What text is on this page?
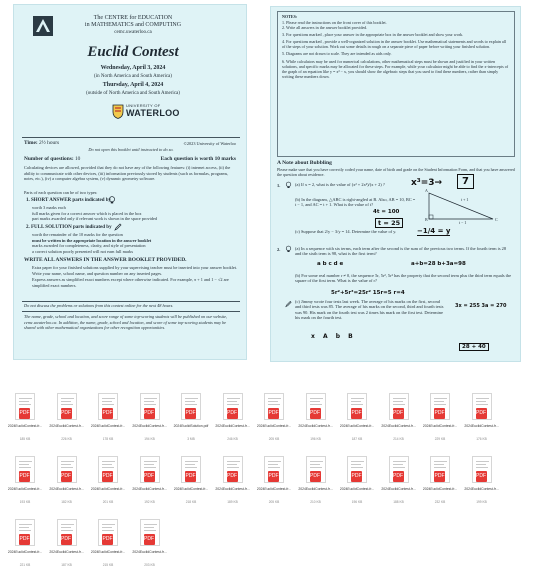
The CENTRE for EDUCATION
in MATHEMATICS and COMPUTING
cemc.uwaterloo.ca
Euclid Contest
Wednesday, April 3, 2024
(in North America and South America)
Thursday, April 4, 2024
(outside of North America and South America)
UNIVERSITY OF
WATERLOO
Time: 2½ hours	©2023 University of Waterloo
Do not open this booklet until instructed to do so.
Number of questions: 10	Each question is worth 10 marks
Calculating devices are allowed, provided that they do not have any of the following features: (i) internet access, (ii) the ability to communicate with other devices, (iii) information previously stored by students (such as formulas, programs, notes, etc.), (iv) a computer algebra system, (v) dynamic geometry software.
Parts of each question can be of two types:
1. SHORT ANSWER parts indicated by
worth 3 marks each
full marks given for a correct answer which is placed in the box
part marks awarded only if relevant work is shown in the space provided
2. FULL SOLUTION parts indicated by
worth the remainder of the 10 marks for the question
must be written in the appropriate location in the answer booklet
marks awarded for completeness, clarity, and style of presentation
a correct solution poorly presented will not earn full marks
WRITE ALL ANSWERS IN THE ANSWER BOOKLET PROVIDED.
Extra paper for your finished solutions supplied by your supervising teacher must be inserted into your answer booklet. Write your name, school name, and question number on any inserted pages.
Express answers as simplified exact numbers except where otherwise indicated. For example, π + 1 and 1 − √2 are simplified exact numbers.
Do not discuss the problems or solutions from this contest online for the next 48 hours.
The name, grade, school and location, and score range of some top-scoring students will be published on our website, cemc.uwaterloo.ca. In addition, the name, grade, school and location, and score of some top-scoring students may be shared with other mathematical organizations for other recognition opportunities.
NOTES:
1. Please read the instructions on the front cover of this booklet.
2. Write all answers in the answer booklet provided.
3. For questions marked , place your answer in the appropriate box in the answer booklet and show your work.
4. For questions marked , provide a well-organized solution in the answer booklet. Use mathematical statements and words to explain all of the steps of your solution. Work out some details in rough on a separate piece of paper before writing your finished solution.
5. Diagrams are not drawn to scale. They are intended as aids only.
6. While calculators may be used for numerical calculations, other mathematical steps must be shown and justified in your written solutions, and specific marks may be allocated for these steps. For example, while your calculator might be able to find the x-intercepts of the graph of an equation like y = x³ − x, you should show the algebraic steps that you used to find these numbers, rather than simply writing these numbers down.
A Note about Bubbling
Please make sure that you have correctly coded your name, date of birth and grade on the Student Information Form, and that you have answered the question about residence.
1.	(a) If x = 2, what is the value of (x² + 2x²)/(x + 2) ?	x³=3→	7
(b) In the diagram, △ABC is right-angled at B. Also, AB = 10, BC = t − 1, and AC = t + 1. What is the value of t?
4t = 100
t = 25
A
B	C
t + 1
t − 1
(c) Suppose that 2/y − 3/y = 14. Determine the value of y.	−1/4 = y
2.	(a) In a sequence with six terms, each term after the second is the sum of the previous two terms. If the fourth term is 28 and the sixth term is 98, what is the first term?
a b c d e	a+b=28 b+3a=98
(b) For some real number r ≠ 0, the sequence 5r, 5r², 5r³ has the property that the second term plus the third term equals the square of the first term. What is the value of r?
5r²+5r³=25r² 15r=5 r=4
(c) Jimmy wrote four tests last week. The average of his marks on the first, second and third tests was 85. The average of his marks on the second, third and fourth tests was 90. His mark on the fourth test was 2 times his mark on the first test. Determine his mark on the fourth test.
x A b B
3x = 255 3a = 270
28 + 40
PDF
2024EuclidContest-fr...
185 KB
PDF
2024EuclidContest-fr...
226 KB
PDF
2024EuclidContest-fr...
178 KB
PDF
2024EuclidContest-fr...
194 KB
PDF
2024EuclidSolution.pdf
3 MB
PDF
2024EuclidContest-fr...
246 KB
PDF
2024EuclidContest-fr...
205 KB
PDF
2024EuclidContest-fr...
196 KB
PDF
2024EuclidContest-fr...
187 KB
PDF
2024EuclidContest-fr...
214 KB
PDF
2024EuclidContest-fr...
229 KB
PDF
2024EuclidContest-fr...
176 KB
PDF
2024EuclidContest-fr...
193 KB
PDF
2024EuclidContest-fr...
182 KB
PDF
2024EuclidContest-fr...
201 KB
PDF
2024EuclidContest-fr...
192 KB
PDF
2024EuclidContest-fr...
218 KB
PDF
2024EuclidContest-fr...
189 KB
PDF
2024EuclidContest-fr...
205 KB
PDF
2024EuclidContest-fr...
210 KB
PDF
2024EuclidContest-fr...
196 KB
PDF
2024EuclidContest-fr...
188 KB
PDF
2024EuclidContest-fr...
232 KB
PDF
2024EuclidContest-fr...
199 KB
PDF
2024EuclidContest-fr...
221 KB
PDF
2024EuclidContest-fr...
187 KB
PDF
2024EuclidContest-fr...
215 KB
PDF
2024EuclidContest-fr...
203 KB
